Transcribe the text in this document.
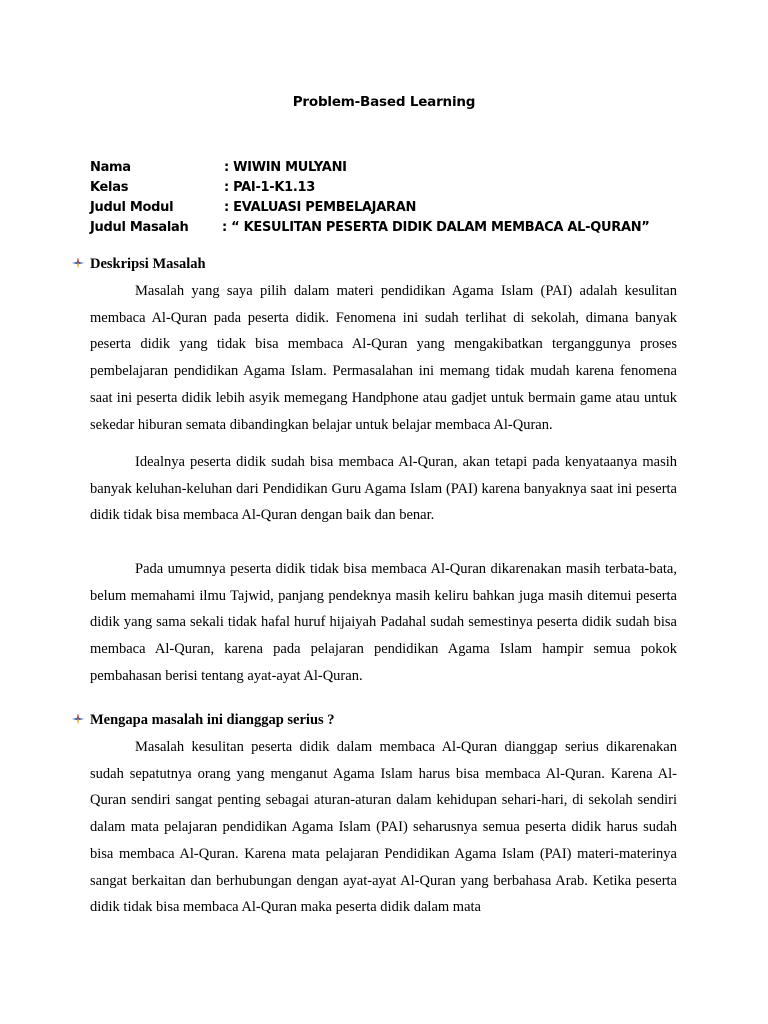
Problem-Based Learning
Nama	: WIWIN MULYANI
Kelas	: PAI-1-K1.13
Judul Modul	: EVALUASI PEMBELAJARAN
Judul Masalah	: “ KESULITAN PESERTA DIDIK DALAM MEMBACA AL-QURAN”
Deskripsi Masalah

Masalah yang saya pilih dalam materi pendidikan Agama Islam (PAI) adalah kesulitan membaca Al-Quran pada peserta didik. Fenomena ini sudah terlihat di sekolah, dimana banyak peserta didik yang tidak bisa membaca Al-Quran yang mengakibatkan terganggunya proses pembelajaran pendidikan Agama Islam. Permasalahan ini memang tidak mudah karena fenomena saat ini peserta didik lebih asyik memegang Handphone atau gadjet untuk bermain game atau untuk sekedar hiburan semata dibandingkan belajar untuk belajar membaca Al-Quran.

Idealnya peserta didik sudah bisa membaca Al-Quran, akan tetapi pada kenyataanya masih banyak keluhan-keluhan dari Pendidikan Guru Agama Islam (PAI) karena banyaknya saat ini peserta didik tidak bisa membaca Al-Quran dengan baik dan benar.

Pada umumnya peserta didik tidak bisa membaca Al-Quran dikarenakan masih terbata-bata, belum memahami ilmu Tajwid, panjang pendeknya masih keliru bahkan juga masih ditemui peserta didik yang sama sekali tidak hafal huruf hijaiyah Padahal sudah semestinya peserta didik sudah bisa membaca Al-Quran, karena pada pelajaran pendidikan Agama Islam hampir semua pokok pembahasan berisi tentang ayat-ayat Al-Quran.

Mengapa masalah ini dianggap serius ?

Masalah kesulitan peserta didik dalam membaca Al-Quran dianggap serius dikarenakan sudah sepatutnya orang yang menganut Agama Islam harus bisa membaca Al-Quran. Karena Al-Quran sendiri sangat penting sebagai aturan-aturan dalam kehidupan sehari-hari, di sekolah sendiri dalam mata pelajaran pendidikan Agama Islam (PAI) seharusnya semua peserta didik harus sudah bisa membaca Al-Quran. Karena mata pelajaran Pendidikan Agama Islam (PAI) materi-materinya sangat berkaitan dan berhubungan dengan ayat-ayat Al-Quran yang berbahasa Arab. Ketika peserta didik tidak bisa membaca Al-Quran maka peserta didik dalam mata
